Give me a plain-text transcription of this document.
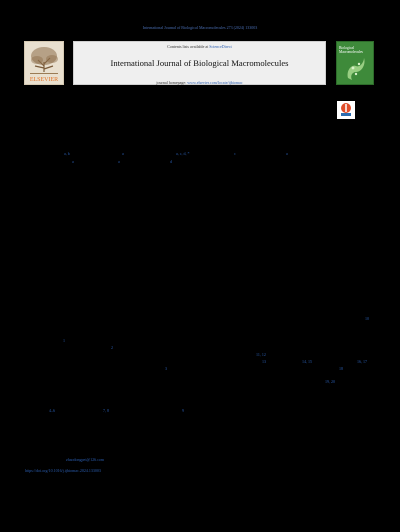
International Journal of Biological Macromolecules 273 (2024) 133003
ELSEVIER
Contents lists available at ScienceDirect
International Journal of Biological Macromolecules
journal homepage: www.elsevier.com/locate/ijbiomac
Biological
Macromolecules
a, b	a	a, c, d, *	c	a
a	a	d
10
1
2
11, 12
13	14, 15	16, 17
3	18
19, 20
4–6	7, 8	9
zhaodongpei@126.com
https://doi.org/10.1016/j.ijbiomac.2024.133003
